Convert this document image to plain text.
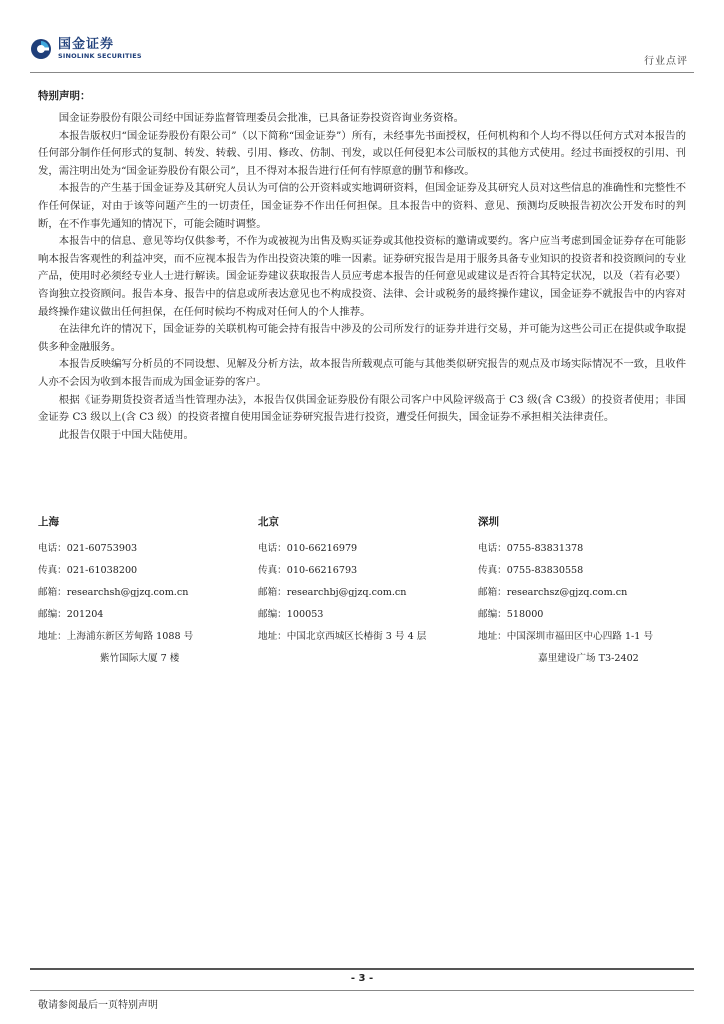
国金证券
SINOLINK SECURITIES	行业点评
特别声明：

国金证券股份有限公司经中国证券监督管理委员会批准，已具备证券投资咨询业务资格。

本报告版权归“国金证券股份有限公司”（以下简称“国金证券”）所有，未经事先书面授权，任何机构和个人均不得以任何方式对本报告的任何部分制作任何形式的复制、转发、转载、引用、修改、仿制、刊发，或以任何侵犯本公司版权的其他方式使用。经过书面授权的引用、刊发，需注明出处为“国金证券股份有限公司”，且不得对本报告进行任何有悖原意的删节和修改。

本报告的产生基于国金证券及其研究人员认为可信的公开资料或实地调研资料，但国金证券及其研究人员对这些信息的准确性和完整性不作任何保证，对由于该等问题产生的一切责任，国金证券不作出任何担保。且本报告中的资料、意见、预测均反映报告初次公开发布时的判断，在不作事先通知的情况下，可能会随时调整。

本报告中的信息、意见等均仅供参考，不作为或被视为出售及购买证券或其他投资标的邀请或要约。客户应当考虑到国金证券存在可能影响本报告客观性的利益冲突，而不应视本报告为作出投资决策的唯一因素。证券研究报告是用于服务具备专业知识的投资者和投资顾问的专业产品，使用时必须经专业人士进行解读。国金证券建议获取报告人员应考虑本报告的任何意见或建议是否符合其特定状况，以及（若有必要）咨询独立投资顾问。报告本身、报告中的信息或所表达意见也不构成投资、法律、会计或税务的最终操作建议，国金证券不就报告中的内容对最终操作建议做出任何担保，在任何时候均不构成对任何人的个人推荐。

在法律允许的情况下，国金证券的关联机构可能会持有报告中涉及的公司所发行的证券并进行交易，并可能为这些公司正在提供或争取提供多种金融服务。

本报告反映编写分析员的不同设想、见解及分析方法，故本报告所载观点可能与其他类似研究报告的观点及市场实际情况不一致，且收件人亦不会因为收到本报告而成为国金证券的客户。

根据《证券期货投资者适当性管理办法》，本报告仅供国金证券股份有限公司客户中风险评级高于 C3 级(含 C3级）的投资者使用；非国金证券 C3 级以上(含 C3 级）的投资者擅自使用国金证券研究报告进行投资，遭受任何损失，国金证券不承担相关法律责任。

此报告仅限于中国大陆使用。

上海
电话：021-60753903
传真：021-61038200
邮箱：researchsh@gjzq.com.cn
邮编：201204
地址：上海浦东新区芳甸路 1088 号
紫竹国际大厦 7 楼
北京
电话：010-66216979
传真：010-66216793
邮箱：researchbj@gjzq.com.cn
邮编：100053
地址：中国北京西城区长椿街 3 号 4 层
深圳
电话：0755-83831378
传真：0755-83830558
邮箱：researchsz@gjzq.com.cn
邮编：518000
地址：中国深圳市福田区中心四路 1-1 号
嘉里建设广场 T3-2402
- 3 -
敬请参阅最后一页特别声明
